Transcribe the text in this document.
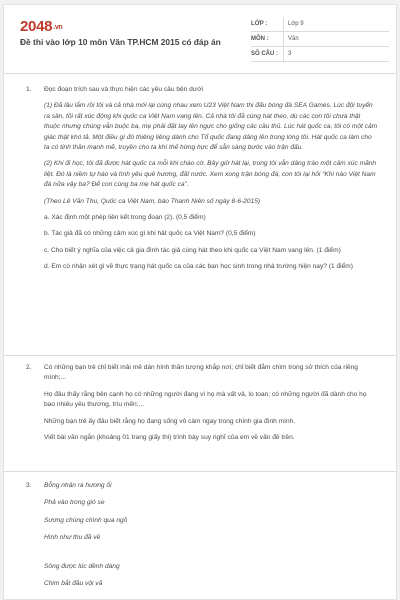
2048.vn
Đề thi vào lớp 10 môn Văn TP.HCM 2015 có đáp án
LỚP :	Lớp 9
MÔN :	Văn
SỐ CÂU :	3
1. Đọc đoạn trích sau và thực hiện các yêu cầu bên dưới

(1) Đã lâu lắm rồi tôi và cả nhà mới lại cùng nhau xem U23 Việt Nam thi đấu bóng đá SEA Games. Lúc đội tuyển ra sân, tôi rất xúc động khi quốc ca Việt Nam vang lên. Cả nhà tôi đã cùng hát theo, dù các con tôi chưa thật thuộc nhưng chúng vẫn buộc ba, mẹ phải đặt tay lên ngực cho giống các cầu thủ. Lúc hát quốc ca, tôi có một cảm giác thật khó tả. Một điều gì đó thiêng liêng dành cho Tổ quốc đang dâng lên trong lòng tôi. Hát quốc ca làm cho ta có tinh thần mạnh mẽ, truyền cho ta khí thế hừng hực để sẵn sàng bước vào trận đấu.

(2) Khi đi học, tôi đã được hát quốc ca mỗi khi chào cờ. Bây giờ hát lại, trong tôi vẫn dâng trào một cảm xúc mãnh liệt. Đó là niềm tự hào và tình yêu quê hương, đất nước. Xem xong trận bóng đá, con tôi lại hỏi “Khi nào Việt Nam đá nữa vậy ba? Để con cùng ba mẹ hát quốc ca”.

(Theo Lê Văn Thu, Quốc ca Việt Nam, báo Thanh Niên số ngày 8-6-2015)

a. Xác định một phép liên kết trong đoạn (2). (0,5 điểm)

b. Tác giả đã có những cảm xúc gì khi hát quốc ca Việt Nam? (0,5 điểm)

c. Cho biết ý nghĩa của việc cả gia đình tác giả cùng hát theo khi quốc ca Việt Nam vang lên. (1 điểm)

d. Em có nhận xét gì về thực trạng hát quốc ca của các bạn học sinh trong nhà trường hiện nay? (1 điểm)

2. Có những bạn trẻ chỉ biết mải mê dán hình thần tượng khắp nơi; chỉ biết đắm chìm trong sở thích của riêng mình;...

Họ đâu thấy rằng bên cạnh họ có những người đang vì họ mà vất vả, lo toan; có những người đã dành cho họ bao nhiêu yêu thương, trìu mến;...

Những bạn trẻ ấy đâu biết rằng họ đang sống vô cảm ngay trong chính gia đình mình.

Viết bài văn ngắn (khoảng 01 trang giấy thi) trình bày suy nghĩ của em về vấn đề trên.

3. Bỗng nhận ra hương ổi

Phả vào trong gió se

Sương chùng chình qua ngõ

Hình như thu đã về

Sông được lúc dềnh dàng

Chim bắt đầu vội vã
